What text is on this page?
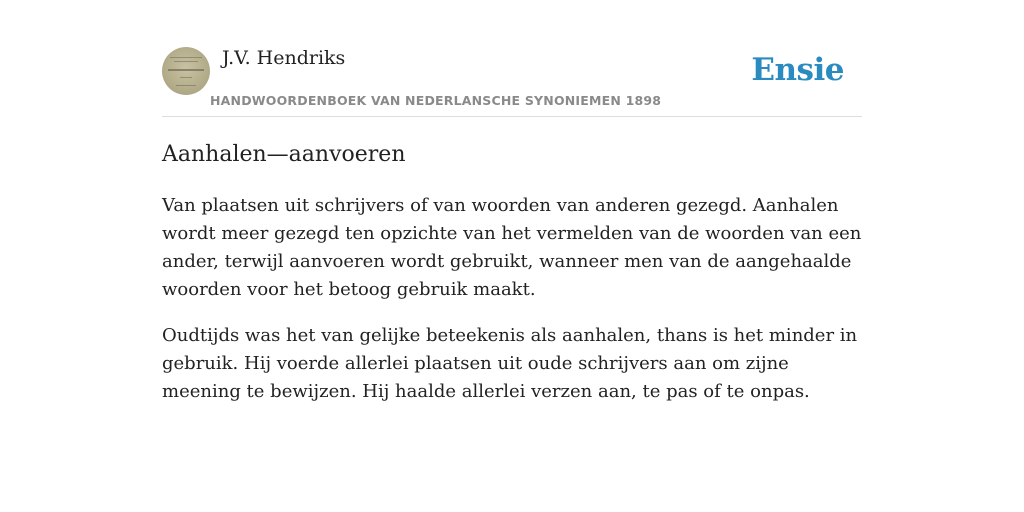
J.V. Hendriks
HANDWOORDENBOEK VAN NEDERLANSCHE SYNONIEMEN 1898
Ensie
Aanhalen—aanvoeren

Van plaatsen uit schrijvers of van woorden van anderen gezegd. Aanhalen wordt meer gezegd ten opzichte van het vermelden van de woorden van een ander, terwijl aanvoeren wordt gebruikt, wanneer men van de aangehaalde woorden voor het betoog gebruik maakt.

Oudtijds was het van gelijke beteekenis als aanhalen, thans is het minder in gebruik. Hij voerde allerlei plaatsen uit oude schrijvers aan om zijne meening te bewijzen. Hij haalde allerlei verzen aan, te pas of te onpas.
